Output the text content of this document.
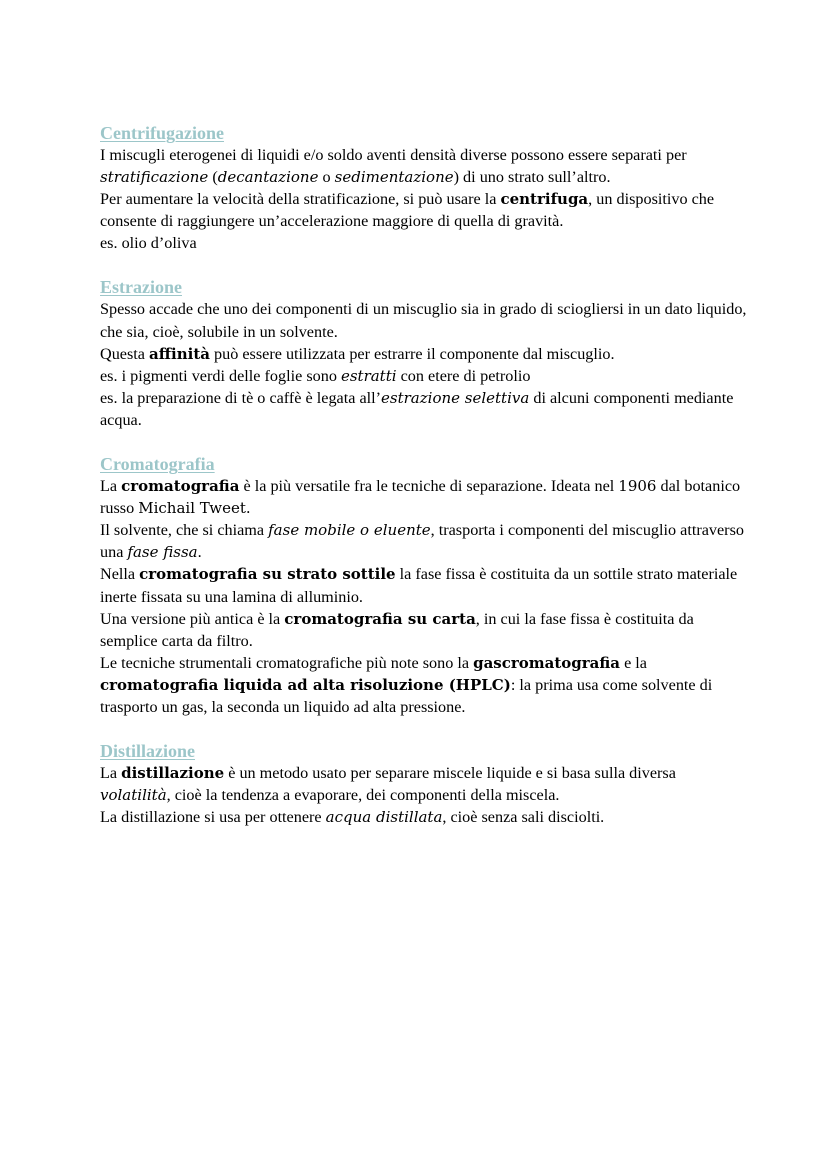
Centrifugazione

I miscugli eterogenei di liquidi e/o soldo aventi densità diverse possono essere separati per stratificazione (decantazione o sedimentazione) di uno strato sull’altro.

Per aumentare la velocità della stratificazione, si può usare la centrifuga, un dispositivo che consente di raggiungere un’accelerazione maggiore di quella di gravità.

es. olio d’oliva

Estrazione

Spesso accade che uno dei componenti di un miscuglio sia in grado di sciogliersi in un dato liquido, che sia, cioè, solubile in un solvente.

Questa affinità può essere utilizzata per estrarre il componente dal miscuglio.

es. i pigmenti verdi delle foglie sono estratti con etere di petrolio

es. la preparazione di tè o caffè è legata all’estrazione selettiva di alcuni componenti mediante acqua.

Cromatografia

La cromatografia è la più versatile fra le tecniche di separazione. Ideata nel 1906 dal botanico russo Michail Tweet.

Il solvente, che si chiama fase mobile o eluente, trasporta i componenti del miscuglio attraverso una fase fissa.

Nella cromatografia su strato sottile la fase fissa è costituita da un sottile strato materiale inerte fissata su una lamina di alluminio.

Una versione più antica è la cromatografia su carta, in cui la fase fissa è costituita da semplice carta da filtro.

Le tecniche strumentali cromatografiche più note sono la gascromatografia e la cromatografia liquida ad alta risoluzione (HPLC): la prima usa come solvente di trasporto un gas, la seconda un liquido ad alta pressione.

Distillazione

La distillazione è un metodo usato per separare miscele liquide e si basa sulla diversa volatilità, cioè la tendenza a evaporare, dei componenti della miscela.

La distillazione si usa per ottenere acqua distillata, cioè senza sali disciolti.
